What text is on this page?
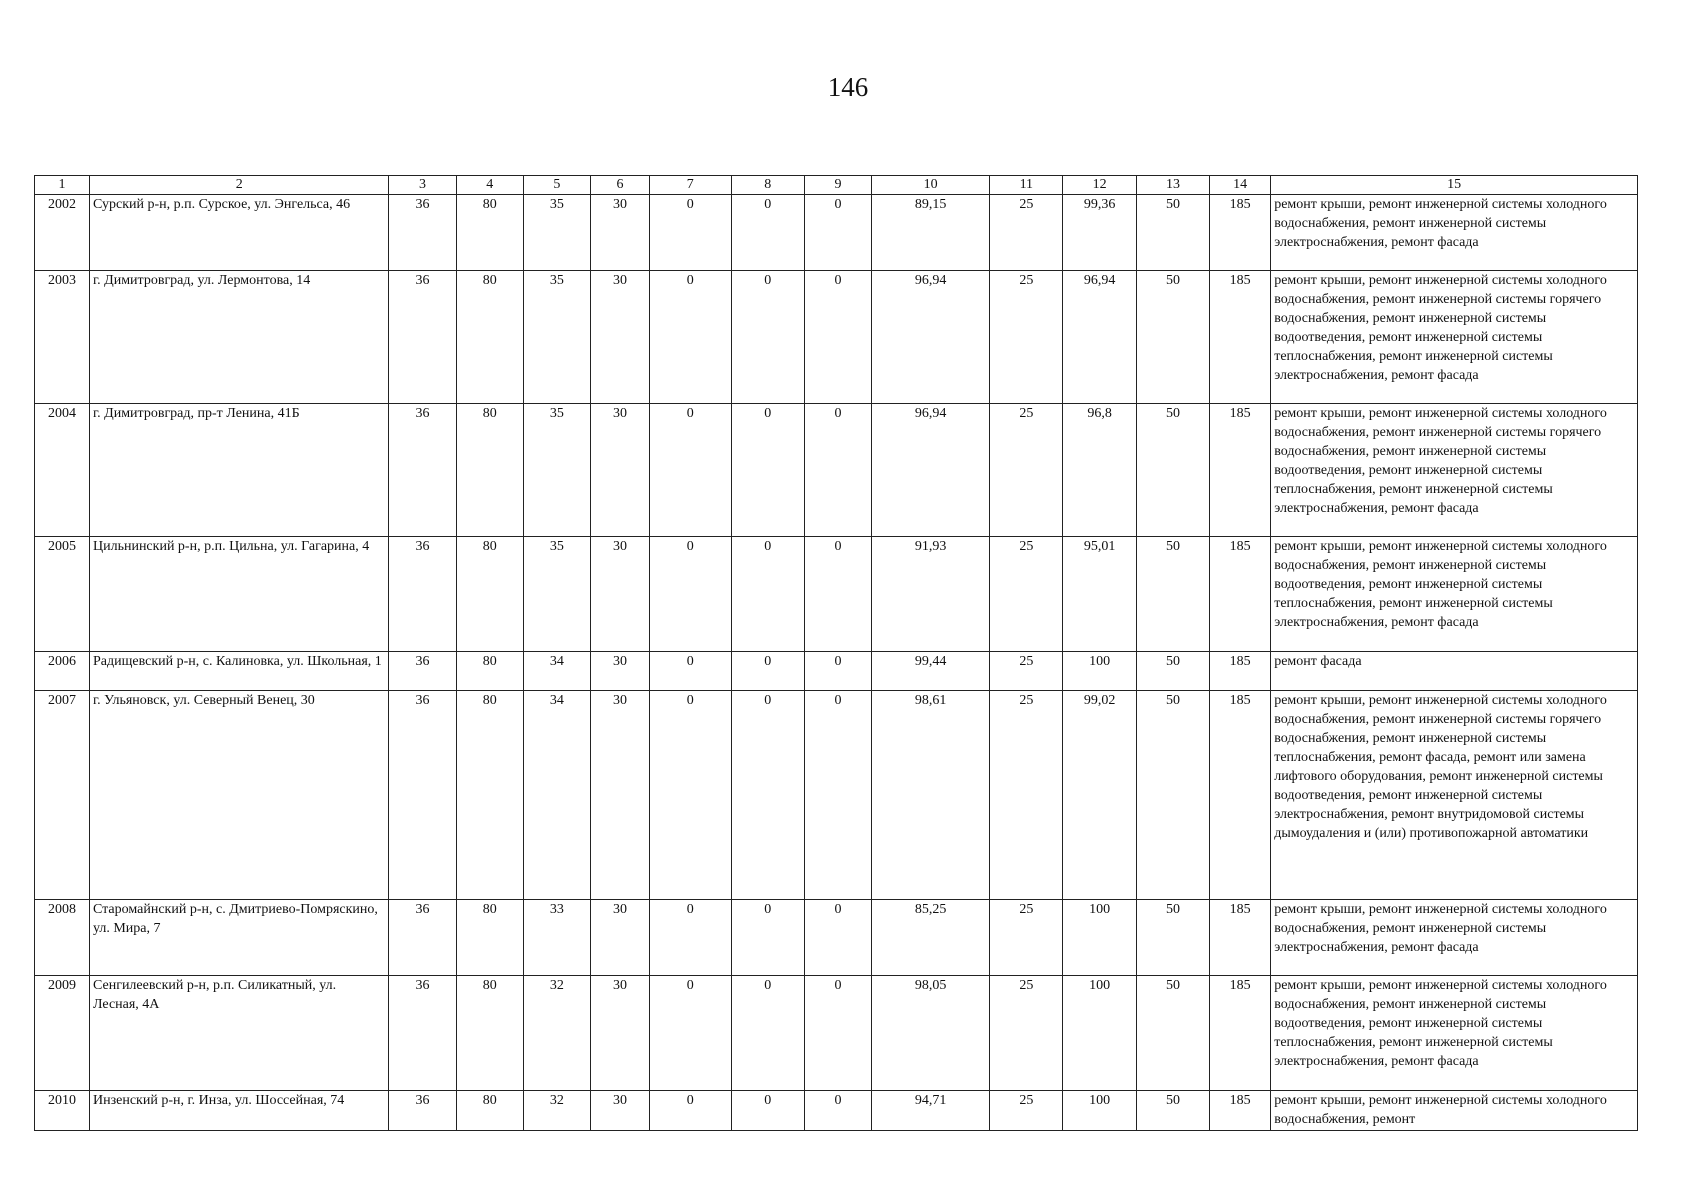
146
1	2	3	4	5	6	7	8	9	10	11	12	13	14	15
2002	Сурский р-н, р.п. Сурское, ул. Энгельса, 46	36	80	35	30	0	0	0	89,15	25	99,36	50	185	ремонт крыши, ремонт инженерной системы холодного водоснабжения, ремонт инженерной системы электроснабжения, ремонт фасада
2003	г. Димитровград, ул. Лермонтова, 14	36	80	35	30	0	0	0	96,94	25	96,94	50	185	ремонт крыши, ремонт инженерной системы холодного водоснабжения, ремонт инженерной системы горячего водоснабжения, ремонт инженерной системы водоотведения, ремонт инженерной системы теплоснабжения, ремонт инженерной системы электроснабжения, ремонт фасада
2004	г. Димитровград, пр-т Ленина, 41Б	36	80	35	30	0	0	0	96,94	25	96,8	50	185	ремонт крыши, ремонт инженерной системы холодного водоснабжения, ремонт инженерной системы горячего водоснабжения, ремонт инженерной системы водоотведения, ремонт инженерной системы теплоснабжения, ремонт инженерной системы электроснабжения, ремонт фасада
2005	Цильнинский р-н, р.п. Цильна, ул. Гагарина, 4	36	80	35	30	0	0	0	91,93	25	95,01	50	185	ремонт крыши, ремонт инженерной системы холодного водоснабжения, ремонт инженерной системы водоотведения, ремонт инженерной системы теплоснабжения, ремонт инженерной системы электроснабжения, ремонт фасада
2006	Радищевский р-н, с. Калиновка, ул. Школьная, 1	36	80	34	30	0	0	0	99,44	25	100	50	185	ремонт фасада
2007	г. Ульяновск, ул. Северный Венец, 30	36	80	34	30	0	0	0	98,61	25	99,02	50	185	ремонт крыши, ремонт инженерной системы холодного водоснабжения, ремонт инженерной системы горячего водоснабжения, ремонт инженерной системы теплоснабжения, ремонт фасада, ремонт или замена лифтового оборудования, ремонт инженерной системы водоотведения, ремонт инженерной системы электроснабжения, ремонт внутридомовой системы дымоудаления и (или) противопожарной автоматики
2008	Старомайнский р-н, с. Дмитриево-Помряскино, ул. Мира, 7	36	80	33	30	0	0	0	85,25	25	100	50	185	ремонт крыши, ремонт инженерной системы холодного водоснабжения, ремонт инженерной системы электроснабжения, ремонт фасада
2009	Сенгилеевский р-н, р.п. Силикатный, ул. Лесная, 4А	36	80	32	30	0	0	0	98,05	25	100	50	185	ремонт крыши, ремонт инженерной системы холодного водоснабжения, ремонт инженерной системы водоотведения, ремонт инженерной системы теплоснабжения, ремонт инженерной системы электроснабжения, ремонт фасада
2010	Инзенский р-н, г. Инза, ул. Шоссейная, 74	36	80	32	30	0	0	0	94,71	25	100	50	185	ремонт крыши, ремонт инженерной системы холодного водоснабжения, ремонт
